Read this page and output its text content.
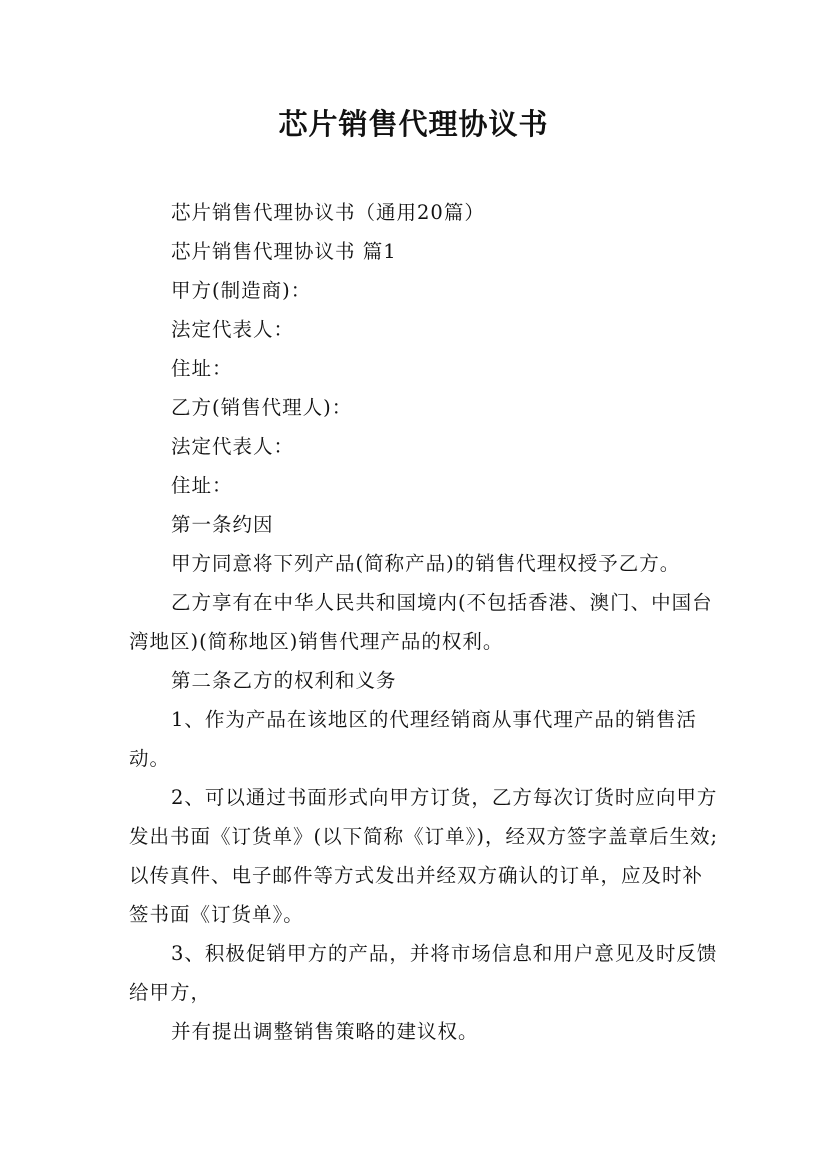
芯片销售代理协议书

芯片销售代理协议书（通用20篇）

芯片销售代理协议书 篇1

甲方(制造商)：

法定代表人：

住址：

乙方(销售代理人)：

法定代表人：

住址：

第一条约因

甲方同意将下列产品(简称产品)的销售代理权授予乙方。

乙方享有在中华人民共和国境内(不包括香港、澳门、中国台湾地区)(简称地区)销售代理产品的权利。

第二条乙方的权利和义务

1、作为产品在该地区的代理经销商从事代理产品的销售活动。

2、可以通过书面形式向甲方订货，乙方每次订货时应向甲方发出书面《订货单》(以下简称《订单》)，经双方签字盖章后生效;以传真件、电子邮件等方式发出并经双方确认的订单，应及时补签书面《订货单》。

3、积极促销甲方的产品，并将市场信息和用户意见及时反馈给甲方，

并有提出调整销售策略的建议权。
